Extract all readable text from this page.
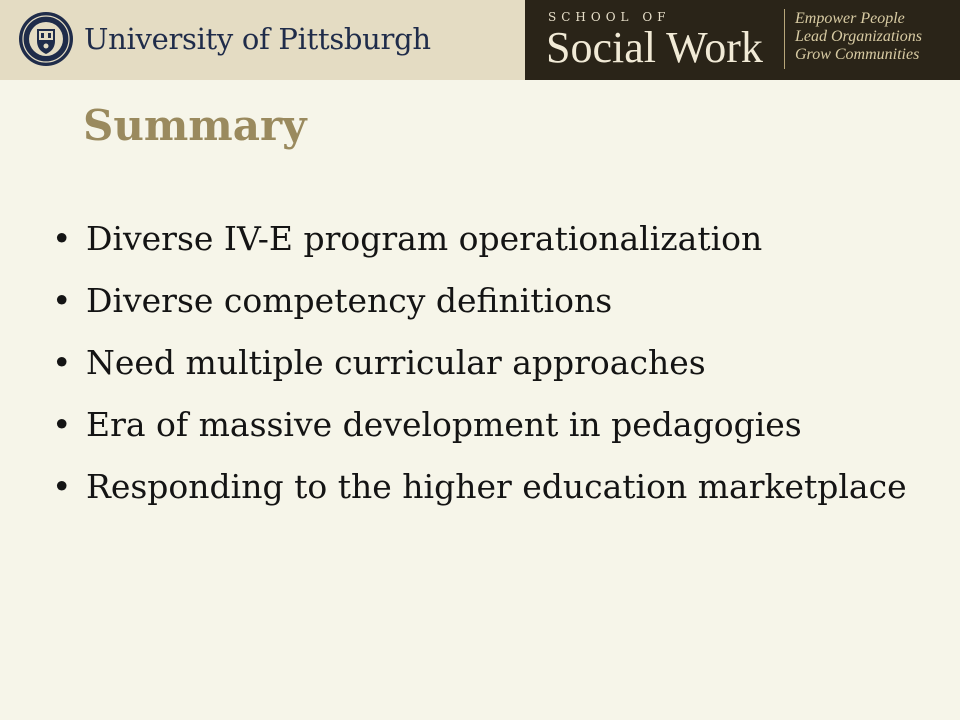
University of Pittsburgh
SCHOOL OF
Social Work
Empower People
Lead Organizations
Grow Communities
Summary
• Diverse IV-E program operationalization
• Diverse competency definitions
• Need multiple curricular approaches
• Era of massive development in pedagogies
• Responding to the higher education marketplace
